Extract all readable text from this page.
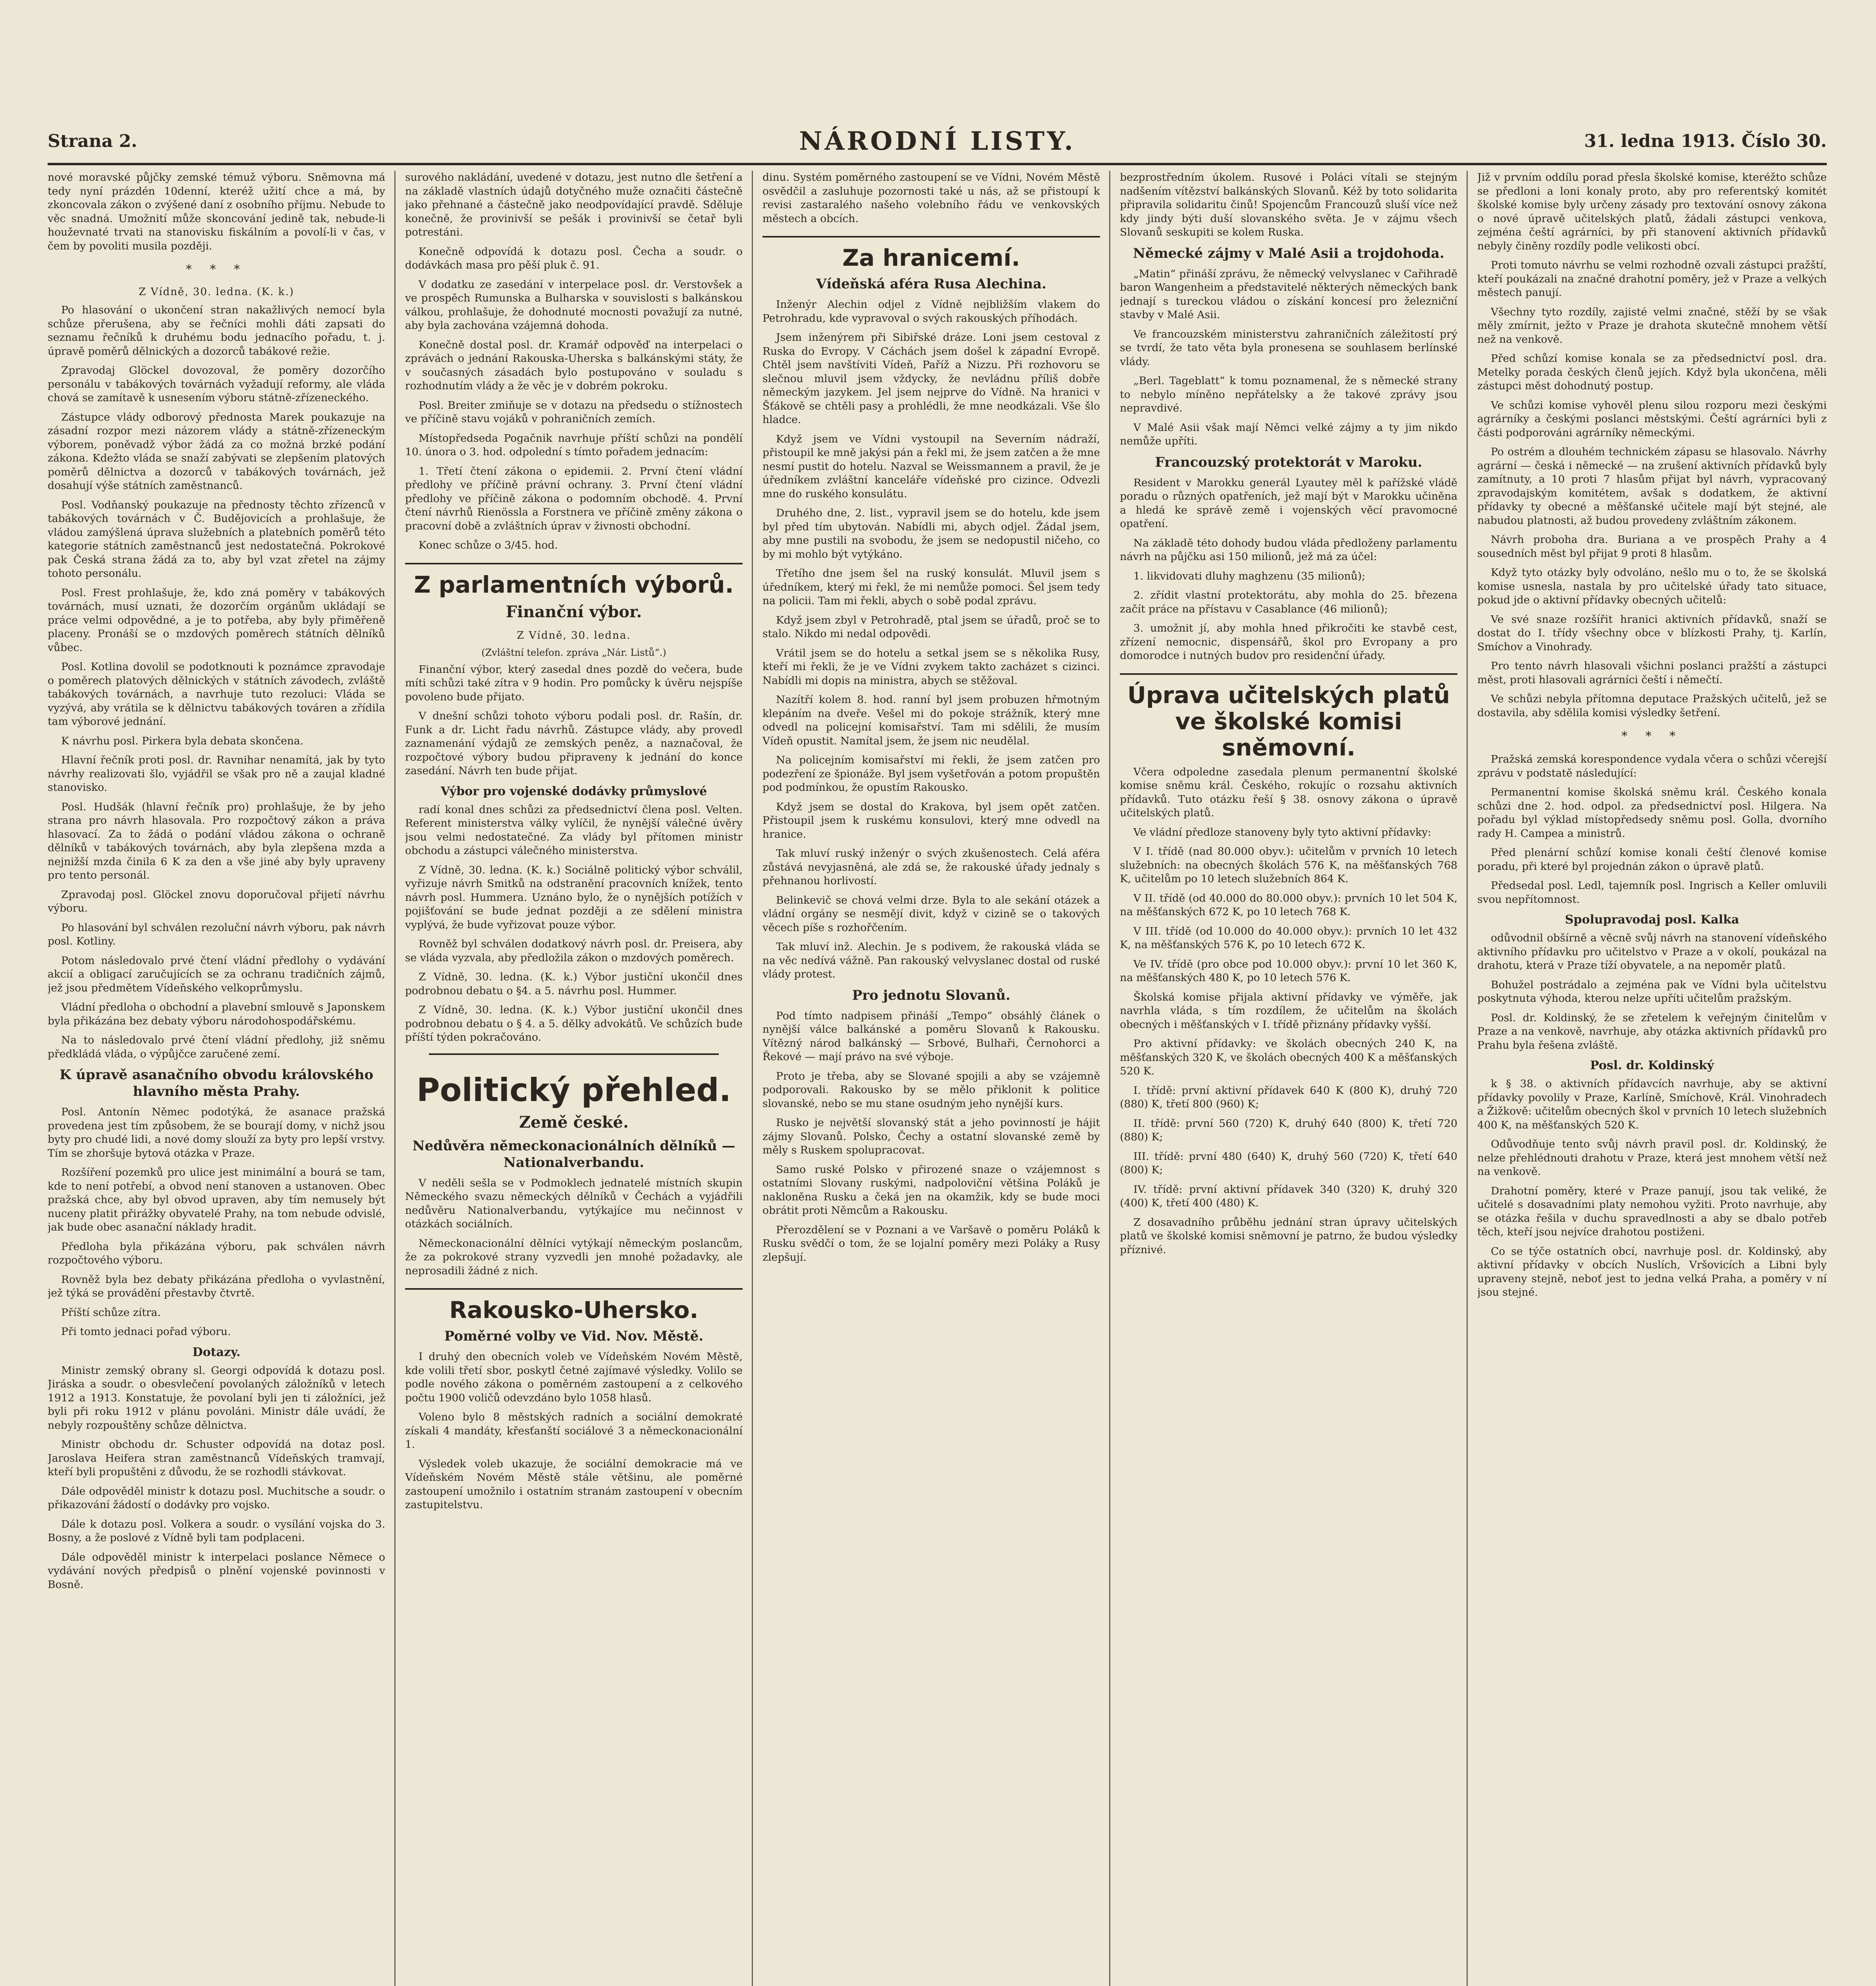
Strana 2.	NÁRODNÍ LISTY.	31. ledna 1913. Číslo 30.

nové moravské půjčky zemské témuž výboru. Sněmovna má tedy nyní prázdén 10denní, kteréž užití chce a má, by zkoncovala zákon o zvýšené daní z osobního příjmu. Nebude to věc snadná. Umožnití může skoncování jedině tak, nebude-li houževnaté trvati na stanovisku fiskálním a povolí-li v čas, v čem by povoliti musila později.

* * *
Z Vídně, 30. ledna. (K. k.)

Po hlasování o ukončení stran nakažlivých nemocí byla schůze přerušena, aby se řečníci mohli dáti zapsati do seznamu řečníků k druhému bodu jednacího pořadu, t. j. úpravě poměrů dělnických a dozorců tabákové režie.

Zpravodaj Glöckel dovozoval, že poměry dozorčího personálu v tabákových továrnách vyžadují reformy, ale vláda chová se zamítavě k usnesením výboru státně-zřízeneckého.

Zástupce vlády odborový přednosta Marek poukazuje na zásadní rozpor mezi názorem vlády a státně-zřízeneckým výborem, poněvadž výbor žádá za co možná brzké podání zákona. Kdežto vláda se snaží zabývati se zlepšením platových poměrů dělnictva a dozorců v tabákových továrnách, jež dosahují výše státních zaměstnanců.

Posl. Vodňanský poukazuje na přednosty těchto zřízenců v tabákových továrnách v Č. Budějovicích a prohlašuje, že vládou zamýšlená úprava služebních a platebních poměrů této kategorie státních zaměstnanců jest nedostatečná. Pokrokové pak Česká strana žádá za to, aby byl vzat zřetel na zájmy tohoto personálu.

Posl. Frest prohlašuje, že, kdo zná poměry v tabákových továrnách, musí uznati, že dozorčím orgánům ukládají se práce velmi odpovědné, a je to potřeba, aby byly přiměřeně placeny. Pronáší se o mzdových poměrech státních dělníků vůbec.

Posl. Kotlina dovolil se podotknouti k poznámce zpravodaje o poměrech platových dělnických v státních závodech, zvláště tabákových továrnách, a navrhuje tuto rezoluci: Vláda se vyzývá, aby vrátila se k dělnictvu tabákových továren a zřídila tam výborové jednání.

K návrhu posl. Pirkera byla debata skončena.

Hlavní řečník proti posl. dr. Ravnihar nenamítá, jak by tyto návrhy realizovati šlo, vyjádřil se však pro ně a zaujal kladné stanovisko.

Posl. Hudšák (hlavní řečník pro) prohlašuje, že by jeho strana pro návrh hlasovala. Pro rozpočtový zákon a práva hlasovací. Za to žádá o podání vládou zákona o ochraně dělníků v tabákových továrnách, aby byla zlepšena mzda a nejnižší mzda činila 6 K za den a vše jiné aby byly upraveny pro tento personál.

Zpravodaj posl. Glöckel znovu doporučoval přijetí návrhu výboru.

Po hlasování byl schválen rezoluční návrh výboru, pak návrh posl. Kotliny.

Potom následovalo prvé čtení vládní předlohy o vydávání akcií a obligací zaručujících se za ochranu tradičních zájmů, jež jsou předmětem Vídeňského velkoprůmyslu.

Vládní předloha o obchodní a plavební smlouvě s Japonskem byla přikázána bez debaty výboru národohospodářskému.

Na to následovalo prvé čtení vládní předlohy, již sněmu předkládá vláda, o výpůjčce zaručené zemí.

K úpravě asanačního obvodu královského hlavního města Prahy.

Posl. Antonín Němec podotýká, že asanace pražská provedena jest tím způsobem, že se bourají domy, v nichž jsou byty pro chudé lidi, a nové domy slouží za byty pro lepší vrstvy. Tím se zhoršuje bytová otázka v Praze.

Rozšíření pozemků pro ulice jest minimální a bourá se tam, kde to není potřebí, a obvod není stanoven a ustanoven. Obec pražská chce, aby byl obvod upraven, aby tím nemusely být nuceny platit přirážky obyvatelé Prahy, na tom nebude odvislé, jak bude obec asanační náklady hradit.

Předloha byla přikázána výboru, pak schválen návrh rozpočtového výboru.

Rovněž byla bez debaty přikázána předloha o vyvlastnění, jež týká se provádění přestavby čtvrtě.

Příští schůze zítra.

Při tomto jednaci pořad výboru.

Dotazy.

Ministr zemský obrany sl. Georgi odpovídá k dotazu posl. Jiráska a soudr. o obesvlečení povolaných záložníků v letech 1912 a 1913. Konstatuje, že povolaní byli jen ti záložníci, jež byli při roku 1912 v plánu povoláni. Ministr dále uvádí, že nebyly rozpouštěny schůze dělnictva.

Ministr obchodu dr. Schuster odpovídá na dotaz posl. Jaroslava Heifera stran zaměstnanců Vídeňských tramvají, kteří byli propuštěni z důvodu, že se rozhodli stávkovat.

Dále odpověděl ministr k dotazu posl. Muchitsche a soudr. o přikazování žádostí o dodávky pro vojsko.

Dále k dotazu posl. Volkera a soudr. o vysílání vojska do 3. Bosny, a že poslové z Vídně byli tam podplaceni.

Dále odpověděl ministr k interpelaci poslance Němece o vydávání nových předpisů o plnění vojenské povinnosti v Bosně.

surového nakládání, uvedené v dotazu, jest nutno dle šetření a na základě vlastních údajů dotyčného muže označiti částečně jako přehnané a částečně jako neodpovídající pravdě. Sděluje konečně, že provinivší se pešák i provinivší se četař byli potrestáni.

Konečně odpovídá k dotazu posl. Čecha a soudr. o dodávkách masa pro pěší pluk č. 91.

V dodatku ze zasedání v interpelace posl. dr. Verstovšek a ve prospěch Rumunska a Bulharska v souvislosti s balkánskou válkou, prohlašuje, že dohodnuté mocnosti považují za nutné, aby byla zachována vzájemná dohoda.

Konečně dostal posl. dr. Kramář odpověď na interpelaci o zprávách o jednání Rakouska-Uherska s balkánskými státy, že v současných zásadách bylo postupováno v souladu s rozhodnutím vlády a že věc je v dobrém pokroku.

Posl. Breiter zmiňuje se v dotazu na předsedu o stížnostech ve příčině stavu vojáků v pohraničních zemích.

Místopředseda Pogačnik navrhuje příští schůzi na pondělí 10. února o 3. hod. odpolední s tímto pořadem jednacím:

1. Třetí čtení zákona o epidemii. 2. První čtení vládní předlohy ve příčině právní ochrany. 3. První čtení vládní předlohy ve příčině zákona o podomním obchodě. 4. První čtení návrhů Rienössla a Forstnera ve příčině změny zákona o pracovní době a zvláštních úprav v živnosti obchodní.

Konec schůze o 3/45. hod.

Z parlamentních výborů.
Finanční výbor.
Z Vídně, 30. ledna.
(Zvláštní telefon. zpráva „Nár. Listů“.)

Finanční výbor, který zasedal dnes pozdě do večera, bude míti schůzi také zítra v 9 hodin. Pro pomůcky k úvěru nejspíše povoleno bude přijato.

V dnešní schůzi tohoto výboru podali posl. dr. Rašín, dr. Funk a dr. Licht řadu návrhů. Zástupce vlády, aby provedl zaznamenání výdajů ze zemských peněz, a naznačoval, že rozpočtové výbory budou připraveny k jednání do konce zasedání. Návrh ten bude přijat.

Výbor pro vojenské dodávky průmyslové

radí konal dnes schůzi za předsednictví člena posl. Velten. Referent ministerstva války vylíčil, že nynější válečné úvěry jsou velmi nedostatečné. Za vlády byl přítomen ministr obchodu a zástupci válečného ministerstva.

Z Vídně, 30. ledna. (K. k.) Sociálně politický výbor schválil, vyřizuje návrh Smitků na odstranění pracovních knížek, tento návrh posl. Hummera. Uznáno bylo, že o nynějších potížích v pojišťování se bude jednat později a ze sdělení ministra vyplývá, že bude vyřizovat pouze výbor.

Rovněž byl schválen dodatkový návrh posl. dr. Preisera, aby se vláda vyzvala, aby předložila zákon o mzdových poměrech.

Z Vídně, 30. ledna. (K. k.) Výbor justiční ukončil dnes podrobnou debatu o §4. a 5. návrhu posl. Hummer.

Z Vídně, 30. ledna. (K. k.) Výbor justiční ukončil dnes podrobnou debatu o § 4. a 5. dělky advokátů. Ve schůzích bude příští týden pokračováno.

Politický přehled.
Země české.
Nedůvěra německonacionálních dělníků — Nationalverbandu.

V neděli sešla se v Podmoklech jednatelé místních skupin Německého svazu německých dělníků v Čechách a vyjádřili nedůvěru Nationalverbandu, vytýkajíce mu nečinnost v otázkách sociálních.

Německonacionální dělníci vytýkají německým poslancům, že za pokrokové strany vyzvedli jen mnohé požadavky, ale neprosadili žádné z nich.

Rakousko-Uhersko.
Poměrné volby ve Vid. Nov. Městě.

I druhý den obecních voleb ve Vídeňském Novém Městě, kde volili třetí sbor, poskytl četné zajímavé výsledky. Volilo se podle nového zákona o poměrném zastoupení a z celkového počtu 1900 voličů odevzdáno bylo 1058 hlasů.

Voleno bylo 8 městských radních a sociální demokraté získali 4 mandáty, křesťanští sociálové 3 a německonacionální 1.

Výsledek voleb ukazuje, že sociální demokracie má ve Vídeňském Novém Městě stále většinu, ale poměrné zastoupení umožnilo i ostatním stranám zastoupení v obecním zastupitelstvu.

dinu. Systém poměrného zastoupení se ve Vídni, Novém Městě osvědčil a zasluhuje pozornosti také u nás, až se přistoupí k revisi zastaralého našeho volebního řádu ve venkovských městech a obcích.

Za hranicemí.
Vídeňská aféra Rusa Alechina.

Inženýr Alechin odjel z Vídně nejbližším vlakem do Petrohradu, kde vypravoval o svých rakouských příhodách.

Jsem inženýrem při Sibiřské dráze. Loni jsem cestoval z Ruska do Evropy. V Cáchách jsem došel k západní Evropě. Chtěl jsem navštíviti Vídeň, Paříž a Nizzu. Při rozhovoru se slečnou mluvil jsem vždycky, že nevládnu příliš dobře německým jazykem. Jel jsem nejprve do Vídně. Na hranici v Šťákově se chtěli pasy a prohlédli, že mne neodkázali. Vše šlo hladce.

Když jsem ve Vídni vystoupil na Severním nádraží, přistoupil ke mně jakýsi pán a řekl mi, že jsem zatčen a že mne nesmí pustit do hotelu. Nazval se Weissmannem a pravil, že je úředníkem zvláštní kanceláře vídeňské pro cizince. Odvezli mne do ruského konsulátu.

Druhého dne, 2. list., vypravil jsem se do hotelu, kde jsem byl před tím ubytován. Nabídli mi, abych odjel. Žádal jsem, aby mne pustili na svobodu, že jsem se nedopustil ničeho, co by mi mohlo být vytýkáno.

Třetího dne jsem šel na ruský konsulát. Mluvil jsem s úředníkem, který mi řekl, že mi nemůže pomoci. Šel jsem tedy na policii. Tam mi řekli, abych o sobě podal zprávu.

Když jsem zbyl v Petrohradě, ptal jsem se úřadů, proč se to stalo. Nikdo mi nedal odpovědi.

Vrátil jsem se do hotelu a setkal jsem se s několika Rusy, kteří mi řekli, že je ve Vídni zvykem takto zacházet s cizinci. Nabídli mi dopis na ministra, abych se stěžoval.

Nazítří kolem 8. hod. ranní byl jsem probuzen hřmotným klepáním na dveře. Vešel mi do pokoje strážník, který mne odvedl na policejní komisařství. Tam mi sdělili, že musím Vídeň opustit. Namítal jsem, že jsem nic neudělal.

Na policejním komisařství mi řekli, že jsem zatčen pro podezření ze špionáže. Byl jsem vyšetřován a potom propuštěn pod podmínkou, že opustím Rakousko.

Když jsem se dostal do Krakova, byl jsem opět zatčen. Přistoupil jsem k ruskému konsulovi, který mne odvedl na hranice.

Tak mluví ruský inženýr o svých zkušenostech. Celá aféra zůstává nevyjasněná, ale zdá se, že rakouské úřady jednaly s přehnanou horlivostí.

Belinkevič se chová velmi drze. Byla to ale sekání otázek a vládní orgány se nesmějí divit, když v cizině se o takových věcech píše s rozhořčením.

Tak mluví inž. Alechin. Je s podivem, že rakouská vláda se na věc nedívá vážně. Pan rakouský velvyslanec dostal od ruské vlády protest.

Pro jednotu Slovanů.

Pod tímto nadpisem přináší „Tempo“ obsáhlý článek o nynější válce balkánské a poměru Slovanů k Rakousku. Vítězný národ balkánský — Srbové, Bulhaři, Černohorci a Řekové — mají právo na své výboje.

Proto je třeba, aby se Slované spojili a aby se vzájemně podporovali. Rakousko by se mělo přiklonit k politice slovanské, nebo se mu stane osudným jeho nynější kurs.

Rusko je největší slovanský stát a jeho povinností je hájit zájmy Slovanů. Polsko, Čechy a ostatní slovanské země by měly s Ruskem spolupracovat.

Samo ruské Polsko v přirozené snaze o vzájemnost s ostatními Slovany ruskými, nadpoloviční většina Poláků je nakloněna Rusku a čeká jen na okamžik, kdy se bude moci obrátit proti Němcům a Rakousku.

Přerozdělení se v Poznani a ve Varšavě o poměru Poláků k Rusku svědčí o tom, že se lojalní poměry mezi Poláky a Rusy zlepšují.

bezprostředním úkolem. Rusové i Poláci vítali se stejným nadšením vítězství balkánských Slovanů. Kéž by toto solidarita připravila solidaritu činů! Spojencům Francouzů sluší více než kdy jindy býti duší slovanského světa. Je v zájmu všech Slovanů seskupiti se kolem Ruska.

Německé zájmy v Malé Asii a trojdohoda.

„Matin“ přináší zprávu, že německý velvyslanec v Cařihradě baron Wangenheim a představitelé některých německých bank jednají s tureckou vládou o získání koncesí pro železniční stavby v Malé Asii.

Ve francouzském ministerstvu zahraničních záležitostí prý se tvrdí, že tato věta byla pronesena se souhlasem berlínské vlády.

„Berl. Tageblatt“ k tomu poznamenal, že s německé strany to nebylo míněno nepřátelsky a že takové zprávy jsou nepravdivé.

V Malé Asii však mají Němci velké zájmy a ty jim nikdo nemůže upříti.

Francouzský protektorát v Maroku.

Resident v Marokku generál Lyautey měl k pařížské vládě poradu o různých opatřeních, jež mají být v Marokku učiněna a hledá ke správě země i vojenských věcí pravomocné opatření.

Na základě této dohody budou vláda předloženy parlamentu návrh na půjčku asi 150 milionů, jež má za účel:

1. likvidovati dluhy maghzenu (35 milionů);

2. zřídit vlastní protektorátu, aby mohla do 25. březena začít práce na přístavu v Casablance (46 milionů);

3. umožnit jí, aby mohla hned přikročiti ke stavbě cest, zřízení nemocnic, dispensářů, škol pro Evropany a pro domorodce i nutných budov pro residenční úřady.

Úprava učitelských platů ve školské komisi sněmovní.

Včera odpoledne zasedala plenum permanentní školské komise sněmu král. Českého, rokujíc o rozsahu aktivních přídavků. Tuto otázku řeší § 38. osnovy zákona o úpravě učitelských platů.

Ve vládní předloze stanoveny byly tyto aktivní přídavky:

V I. třídě (nad 80.000 obyv.): učitelům v prvních 10 letech služebních: na obecných školách 576 K, na měšťanských 768 K, učitelům po 10 letech služebních 864 K.

V II. třídě (od 40.000 do 80.000 obyv.): prvních 10 let 504 K, na měšťanských 672 K, po 10 letech 768 K.

V III. třídě (od 10.000 do 40.000 obyv.): prvních 10 let 432 K, na měšťanských 576 K, po 10 letech 672 K.

Ve IV. třídě (pro obce pod 10.000 obyv.): první 10 let 360 K, na měšťanských 480 K, po 10 letech 576 K.

Školská komise přijala aktivní přídavky ve výměře, jak navrhla vláda, s tím rozdílem, že učitelům na školách obecných i měšťanských v I. třídě přiznány přídavky vyšší.

Pro aktivní přídavky: ve školách obecných 240 K, na měšťanských 320 K, ve školách obecných 400 K a měšťanských 520 K.

I. třídě: první aktivní přídavek 640 K (800 K), druhý 720 (880) K, třetí 800 (960) K;

II. třídě: první 560 (720) K, druhý 640 (800) K, třetí 720 (880) K;

III. třídě: první 480 (640) K, druhý 560 (720) K, třetí 640 (800) K;

IV. třídě: první aktivní přídavek 340 (320) K, druhý 320 (400) K, třetí 400 (480) K.

Z dosavadního průběhu jednání stran úpravy učitelských platů ve školské komisi sněmovní je patrno, že budou výsledky příznivé.

Již v prvním oddílu porad přesla školské komise, kteréžto schůze se předloni a loni konaly proto, aby pro referentský komitét školské komise byly určeny zásady pro textování osnovy zákona o nové úpravě učitelských platů, žádali zástupci venkova, zejména čeští agrárníci, by při stanovení aktivních přídavků nebyly činěny rozdíly podle velikosti obcí.

Proti tomuto návrhu se velmi rozhodně ozvali zástupci pražští, kteří poukázali na značné drahotní poměry, jež v Praze a velkých městech panují.

Všechny tyto rozdíly, zajisté velmi značné, stěží by se však měly zmírnit, ježto v Praze je drahota skutečně mnohem větší než na venkově.

Před schůzí komise konala se za předsednictví posl. dra. Metelky porada českých členů jejích. Když byla ukončena, měli zástupci měst dohodnutý postup.

Ve schůzi komise vyhověl plenu silou rozporu mezi českými agrárníky a českými poslanci městskými. Čeští agrárníci byli z části podporováni agrárníky německými.

Po ostrém a dlouhém technickém zápasu se hlasovalo. Návrhy agrární — česká i německé — na zrušení aktivních přídavků byly zamítnuty, a 10 proti 7 hlasům přijat byl návrh, vypracovaný zpravodajským komitétem, avšak s dodatkem, že aktivní přídavky ty obecné a měšťanské učitele mají být stejné, ale nabudou platnosti, až budou provedeny zvláštním zákonem.

Návrh proboha dra. Buriana a ve prospěch Prahy a 4 sousedních měst byl přijat 9 proti 8 hlasům.

Když tyto otázky byly odvoláno, nešlo mu o to, že se školská komise usnesla, nastala by pro učitelské úřady tato situace, pokud jde o aktivní přídavky obecných učitelů:

Ve své snaze rozšířit hranici aktivních přídavků, snaží se dostat do I. třídy všechny obce v blízkosti Prahy, tj. Karlín, Smíchov a Vinohrady.

Pro tento návrh hlasovali všichni poslanci pražští a zástupci měst, proti hlasovali agrárníci čeští i němečtí.

Ve schůzi nebyla přítomna deputace Pražských učitelů, jež se dostavila, aby sdělila komisi výsledky šetření.

* * *

Pražská zemská korespondence vydala včera o schůzi včerejší zprávu v podstatě následující:

Permanentní komise školská sněmu král. Českého konala schůzi dne 2. hod. odpol. za předsednictví posl. Hilgera. Na pořadu byl výklad místopředsedy sněmu posl. Golla, dvorního rady H. Campea a ministrů.

Před plenární schůzí komise konali čeští členové komise poradu, při které byl projednán zákon o úpravě platů.

Předsedal posl. Ledl, tajemník posl. Ingrisch a Keller omluvili svou nepřítomnost.

Spolupravodaj posl. Kalka

odůvodnil obšírně a věcně svůj návrh na stanovení vídeňského aktivního přídavku pro učitelstvo v Praze a v okolí, poukázal na drahotu, která v Praze tíží obyvatele, a na nepoměr platů.

Bohužel postrádalo a zejména pak ve Vídni byla učitelstvu poskytnuta výhoda, kterou nelze upříti učitelům pražským.

Posl. dr. Koldinský, že se zřetelem k veřejným činitelům v Praze a na venkově, navrhuje, aby otázka aktivních přídavků pro Prahu byla řešena zvláště.

Posl. dr. Koldinský

k § 38. o aktivních přídavcích navrhuje, aby se aktivní přídavky povolily v Praze, Karlíně, Smíchově, Král. Vinohradech a Žižkově: učitelům obecných škol v prvních 10 letech služebních 400 K, na měšťanských 520 K.

Odůvodňuje tento svůj návrh pravil posl. dr. Koldinský, že nelze přehlédnouti drahotu v Praze, která jest mnohem větší než na venkově.

Drahotní poměry, které v Praze panují, jsou tak veliké, že učitelé s dosavadními platy nemohou vyžiti. Proto navrhuje, aby se otázka řešila v duchu spravedlnosti a aby se dbalo potřeb těch, kteří jsou nejvíce drahotou postiženi.

Co se týče ostatních obcí, navrhuje posl. dr. Koldinský, aby aktivní přídavky v obcích Nuslích, Vršovicích a Libni byly upraveny stejně, neboť jest to jedna velká Praha, a poměry v ní jsou stejné.
